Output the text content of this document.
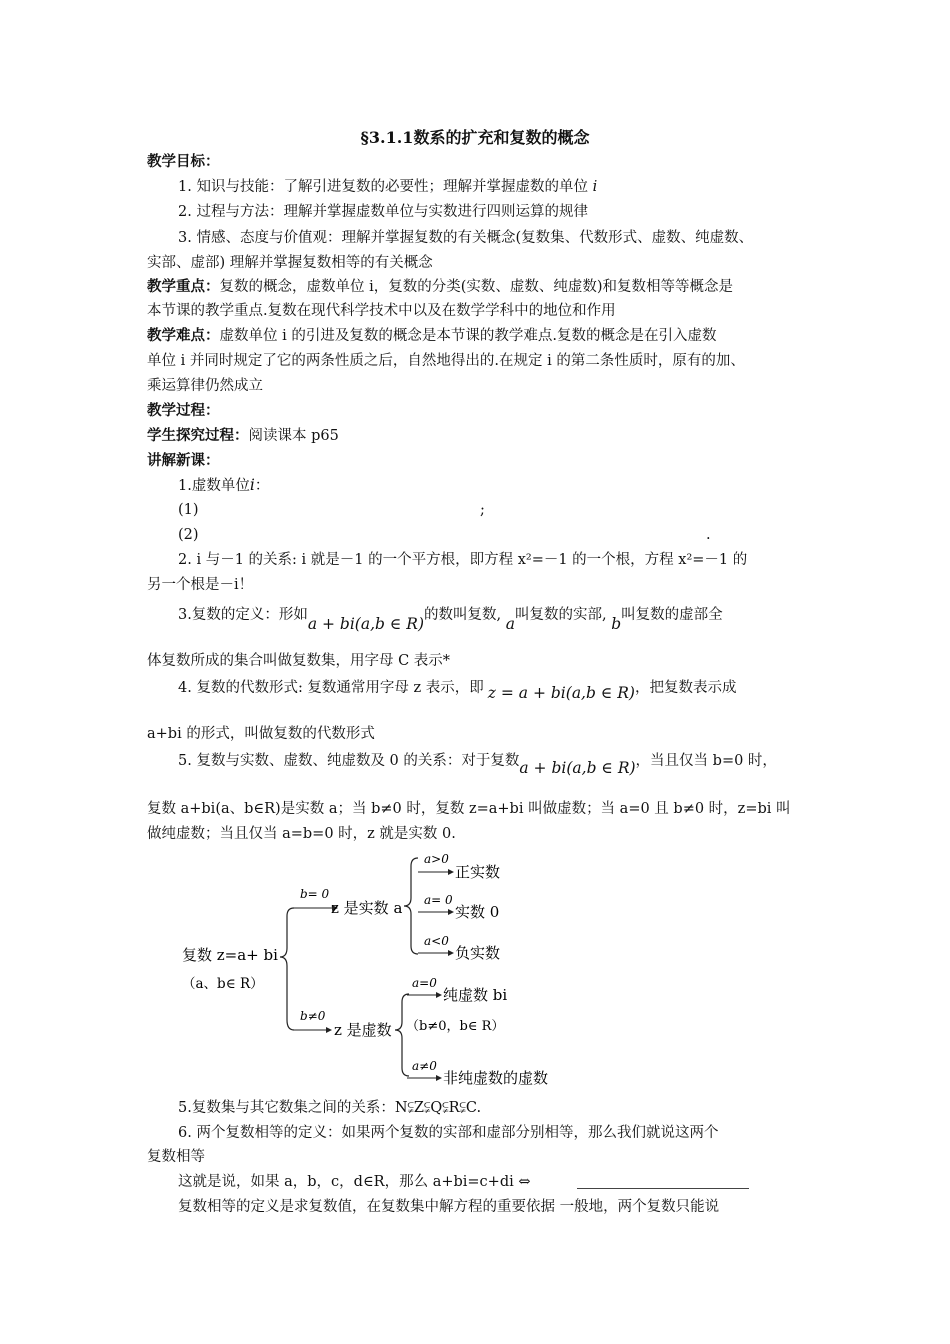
§3.1.1数系的扩充和复数的概念
教学目标：
1. 知识与技能：了解引进复数的必要性；理解并掌握虚数的单位 i
2. 过程与方法：理解并掌握虚数单位与实数进行四则运算的规律
3. 情感、态度与价值观：理解并掌握复数的有关概念(复数集、代数形式、虚数、纯虚数、
实部、虚部) 理解并掌握复数相等的有关概念
教学重点：复数的概念，虚数单位 i，复数的分类(实数、虚数、纯虚数)和复数相等等概念是
本节课的教学重点.复数在现代科学技术中以及在数学学科中的地位和作用
教学难点：虚数单位 i 的引进及复数的概念是本节课的教学难点.复数的概念是在引入虚数
单位 i 并同时规定了它的两条性质之后，自然地得出的.在规定 i 的第二条性质时，原有的加、
乘运算律仍然成立
教学过程：
学生探究过程：阅读课本 p65
讲解新课：
1.虚数单位i：
(1)	;
(2)	.
2. i 与－1 的关系: i 就是－1 的一个平方根，即方程 x²=－1 的一个根，方程 x²=－1 的
另一个根是－i！
3.复数的定义：形如a + bi(a,b ∈ R)的数叫复数, a叫复数的实部, b叫复数的虚部全
体复数所成的集合叫做复数集，用字母 C 表示*
4. 复数的代数形式: 复数通常用字母 z 表示，即 z = a + bi(a,b ∈ R)，把复数表示成
a+bi 的形式，叫做复数的代数形式
5. 复数与实数、虚数、纯虚数及 0 的关系：对于复数a + bi(a,b ∈ R)，当且仅当 b=0 时，
复数 a+bi(a、b∈R)是实数 a；当 b≠0 时，复数 z=a+bi 叫做虚数；当 a=0 且 b≠0 时，z=bi 叫
做纯虚数；当且仅当 a=b=0 时，z 就是实数 0.
复数 z=a+ bi
（a、b∈ R）
b= 0
z 是实数 a
a>0
正实数
a= 0
实数 0
a<0
负实数
b≠0
z 是虚数
a=0
纯虚数 bi
（b≠0，b∈ R）
a≠0
非纯虚数的虚数
5.复数集与其它数集之间的关系：N⫋Z⫋Q⫋R⫋C.
6. 两个复数相等的定义：如果两个复数的实部和虚部分别相等，那么我们就说这两个
复数相等
这就是说，如果 a，b，c，d∈R，那么 a+bi=c+di ⇔
复数相等的定义是求复数值，在复数集中解方程的重要依据 一般地，两个复数只能说
